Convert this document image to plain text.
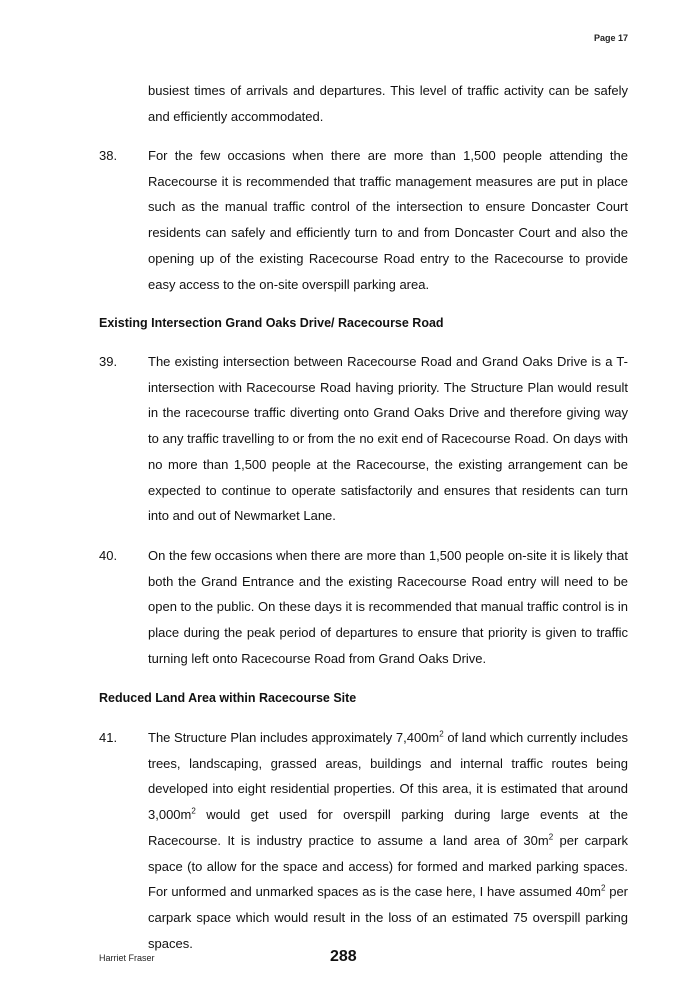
Page 17

busiest times of arrivals and departures. This level of traffic activity can be safely and efficiently accommodated.

38.	For the few occasions when there are more than 1,500 people attending the Racecourse it is recommended that traffic management measures are put in place such as the manual traffic control of the intersection to ensure Doncaster Court residents can safely and efficiently turn to and from Doncaster Court and also the opening up of the existing Racecourse Road entry to the Racecourse to provide easy access to the on-site overspill parking area.

Existing Intersection Grand Oaks Drive/ Racecourse Road
39.	The existing intersection between Racecourse Road and Grand Oaks Drive is a T-intersection with Racecourse Road having priority. The Structure Plan would result in the racecourse traffic diverting onto Grand Oaks Drive and therefore giving way to any traffic travelling to or from the no exit end of Racecourse Road. On days with no more than 1,500 people at the Racecourse, the existing arrangement can be expected to continue to operate satisfactorily and ensures that residents can turn into and out of Newmarket Lane.

40.	On the few occasions when there are more than 1,500 people on-site it is likely that both the Grand Entrance and the existing Racecourse Road entry will need to be open to the public. On these days it is recommended that manual traffic control is in place during the peak period of departures to ensure that priority is given to traffic turning left onto Racecourse Road from Grand Oaks Drive.

Reduced Land Area within Racecourse Site
41.	The Structure Plan includes approximately $7,400m^2$ of land which currently includes trees, landscaping, grassed areas, buildings and internal traffic routes being developed into eight residential properties. Of this area, it is estimated that around $3,000m^2$ would get used for overspill parking during large events at the Racecourse. It is industry practice to assume a land area of $30m^2$ per carpark space (to allow for the space and access) for formed and marked parking spaces. For unformed and unmarked spaces as is the case here, I have assumed $40m^2$ per carpark space which would result in the loss of an estimated 75 overspill parking spaces.

Harriet Fraser	288
